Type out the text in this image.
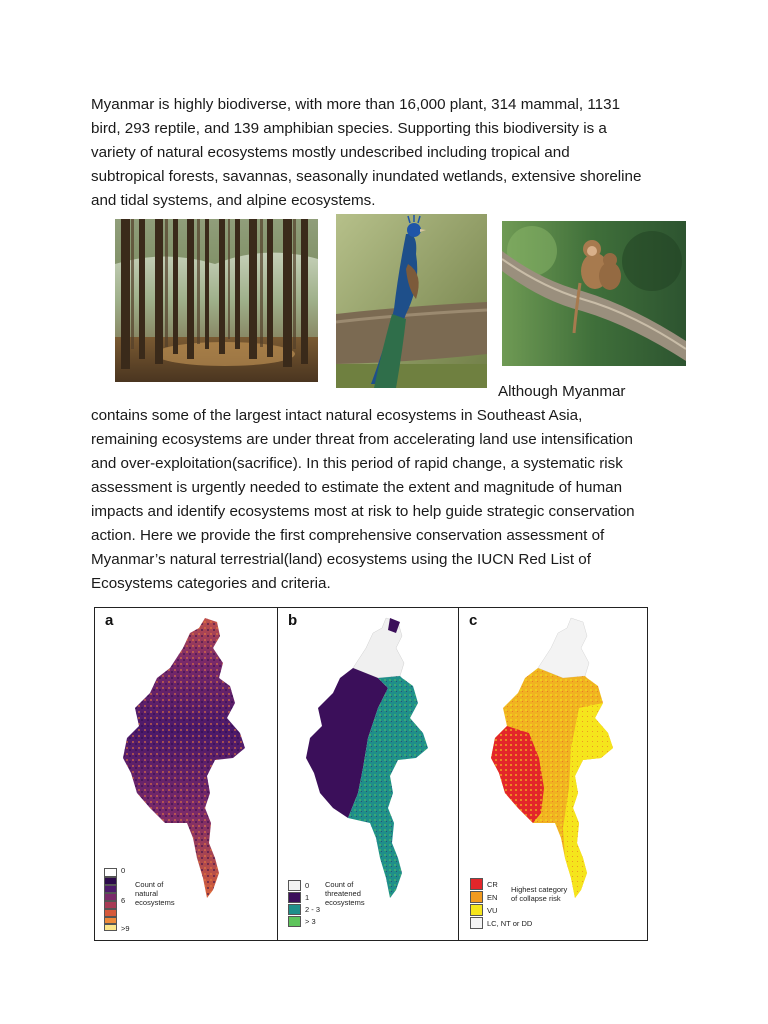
Myanmar is highly biodiverse, with more than 16,000 plant, 314 mammal, 1131
bird, 293 reptile, and 139 amphibian species. Supporting this biodiversity is a
variety of natural ecosystems mostly undescribed including tropical and
subtropical forests, savannas, seasonally inundated wetlands, extensive shoreline
and tidal systems, and alpine ecosystems.
Although Myanmar
contains some of the largest intact natural ecosystems in Southeast Asia,
remaining ecosystems are under threat from accelerating land use intensification
and over-exploitation(sacrifice). In this period of rapid change, a systematic risk
assessment is urgently needed to estimate the extent and magnitude of human
impacts and identify ecosystems most at risk to help guide strategic conservation
action. Here we provide the first comprehensive conservation assessment of
Myanmar’s natural terrestrial(land) ecosystems using the IUCN Red List of
Ecosystems categories and criteria.
a
0
6
>9
Count of
natural
ecosystems
b
0
1
2 - 3
> 3
Count of
threatened
ecosystems
c
CR
EN
VU
LC, NT or DD
Highest category
of collapse risk
